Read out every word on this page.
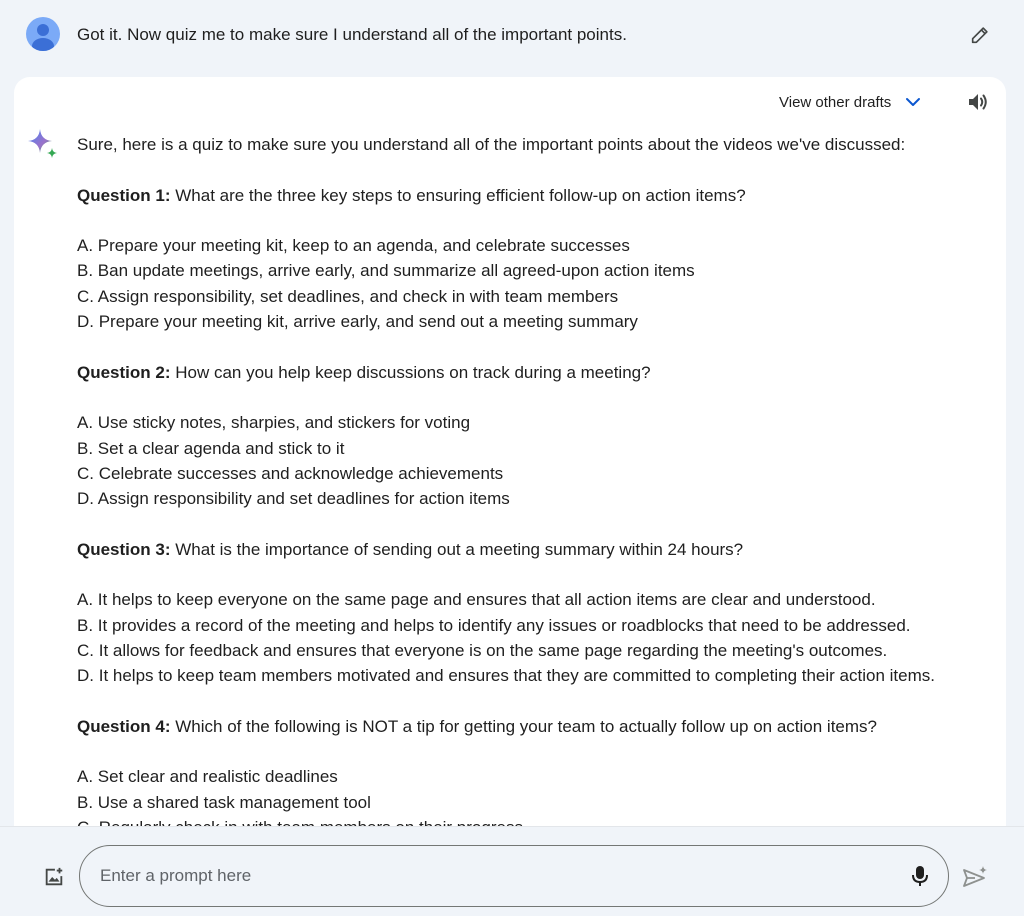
Got it. Now quiz me to make sure I understand all of the important points.
View other drafts

Sure, here is a quiz to make sure you understand all of the important points about the videos we've discussed:

Question 1: What are the three key steps to ensuring efficient follow-up on action items?

A. Prepare your meeting kit, keep to an agenda, and celebrate successes

B. Ban update meetings, arrive early, and summarize all agreed-upon action items

C. Assign responsibility, set deadlines, and check in with team members

D. Prepare your meeting kit, arrive early, and send out a meeting summary

Question 2: How can you help keep discussions on track during a meeting?

A. Use sticky notes, sharpies, and stickers for voting

B. Set a clear agenda and stick to it

C. Celebrate successes and acknowledge achievements

D. Assign responsibility and set deadlines for action items

Question 3: What is the importance of sending out a meeting summary within 24 hours?

A. It helps to keep everyone on the same page and ensures that all action items are clear and understood.

B. It provides a record of the meeting and helps to identify any issues or roadblocks that need to be addressed.

C. It allows for feedback and ensures that everyone is on the same page regarding the meeting's outcomes.

D. It helps to keep team members motivated and ensures that they are committed to completing their action items.

Question 4: Which of the following is NOT a tip for getting your team to actually follow up on action items?

A. Set clear and realistic deadlines

B. Use a shared task management tool

Enter a prompt here
